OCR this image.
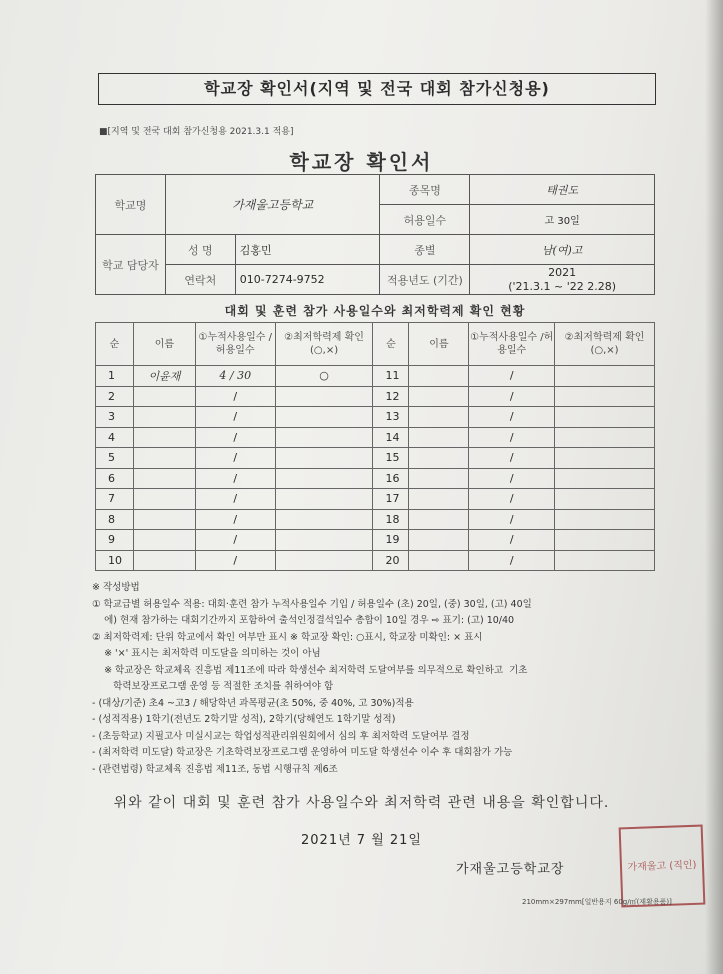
학교장 확인서(지역 및 전국 대회 참가신청용)
■[지역 및 전국 대회 참가신청용 2021.3.1 적용]
학교장 확인서
학교명	가재울고등학교		종목명	태권도
			허용일수	고 30일
학교 담당자	성 명	김홍민	종별	남(여)고
	연락처	010-7274-9752	적용년도 (기간)	2021
('21.3.1 ~ '22 2.28)
대회 및 훈련 참가 사용일수와 최저학력제 확인 현황
순	이름	①누적사용일수 /허용일수	②최저학력제 확인(○,×)	순	이름	①누적사용일수 /허용일수	②최저학력제 확인(○,×)
1	이윤재	4 / 30	○	11		/	
2		/		12		/	
3		/		13		/	
4		/		14		/	
5		/		15		/	
6		/		16		/	
7		/		17		/	
8		/		18		/	
9		/		19		/	
10		/		20		/	

※ 작성방법

① 학교급별 허용일수 적용: 대회·훈련 참가 누적사용일수 기입 / 허용일수 (초) 20일, (중) 30일, (고) 40일

에) 현재 참가하는 대회기간까지 포함하여 출석인정결석일수 총합이 10일 경우 ⇨ 표기: (고) 10/40

② 최저학력제: 단위 학교에서 확인 여부만 표시 ※ 학교장 확인: ○표시, 학교장 미확인: × 표시

※ '×' 표시는 최저학력 미도달을 의미하는 것이 아님

※ 학교장은 학교체육 진흥법 제11조에 따라 학생선수 최저학력 도달여부를 의무적으로 확인하고  기초

학력보장프로그램 운영 등 적절한 조치를 취하여야 함

- (대상/기준) 초4 ~고3 / 해당학년 과목평균(초 50%, 중 40%, 고 30%)적용

- (성적적용) 1학기(전년도 2학기말 성적), 2학기(당해연도 1학기말 성적)

- (초등학교) 지필고사 미실시교는 학업성적관리위원회에서 심의 후 최저학력 도달여부 결정

- (최저학력 미도달) 학교장은 기초학력보장프로그램 운영하여 미도달 학생선수 이수 후 대회참가 가능

- (관련법령) 학교체육 진흥법 제11조, 동법 시행규칙 제6조

위와 같이 대회 및 훈련 참가 사용일수와 최저학력 관련 내용을 확인합니다.
2021년 7 월 21일
가재울고등학교장	가재울고 (직인)
210mm×297mm[일반용지 60g/㎡(재활용품)]
